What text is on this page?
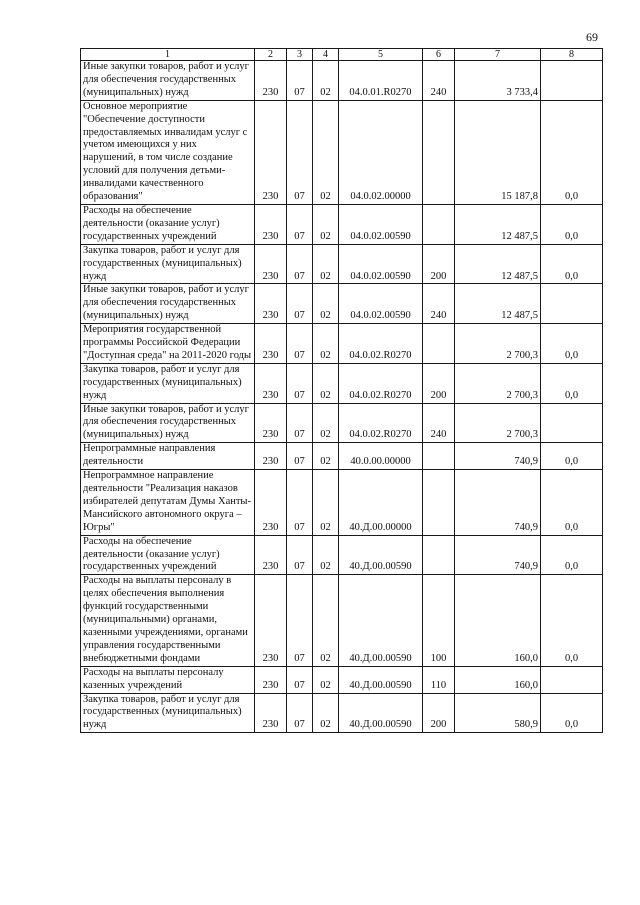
69
1	2	3	4	5	6	7	8
Иные закупки товаров, работ и услуг для обеспечения государственных (муниципальных) нужд	230	07	02	04.0.01.R0270	240	3 733,4	
Основное мероприятие "Обеспечение доступности предоставляемых инвалидам услуг с учетом имеющихся у них нарушений, в том числе создание условий для получения детьми-инвалидами качественного образования"	230	07	02	04.0.02.00000		15 187,8	0,0
Расходы на обеспечение деятельности (оказание услуг) государственных учреждений	230	07	02	04.0.02.00590		12 487,5	0,0
Закупка товаров, работ и услуг для государственных (муниципальных) нужд	230	07	02	04.0.02.00590	200	12 487,5	0,0
Иные закупки товаров, работ и услуг для обеспечения государственных (муниципальных) нужд	230	07	02	04.0.02.00590	240	12 487,5	
Мероприятия государственной программы Российской Федерации "Доступная среда" на 2011-2020 годы	230	07	02	04.0.02.R0270		2 700,3	0,0
Закупка товаров, работ и услуг для государственных (муниципальных) нужд	230	07	02	04.0.02.R0270	200	2 700,3	0,0
Иные закупки товаров, работ и услуг для обеспечения государственных (муниципальных) нужд	230	07	02	04.0.02.R0270	240	2 700,3	
Непрограммные направления деятельности	230	07	02	40.0.00.00000		740,9	0,0
Непрограммное направление деятельности "Реализация наказов избирателей депутатам Думы Ханты-Мансийского автономного округа – Югры"	230	07	02	40.Д.00.00000		740,9	0,0
Расходы на обеспечение деятельности (оказание услуг) государственных учреждений	230	07	02	40.Д.00.00590		740,9	0,0
Расходы на выплаты персоналу в целях обеспечения выполнения функций государственными (муниципальными) органами, казенными учреждениями, органами управления государственными внебюджетными фондами	230	07	02	40.Д.00.00590	100	160,0	0,0
Расходы на выплаты персоналу казенных учреждений	230	07	02	40.Д.00.00590	110	160,0	
Закупка товаров, работ и услуг для государственных (муниципальных) нужд	230	07	02	40.Д.00.00590	200	580,9	0,0
